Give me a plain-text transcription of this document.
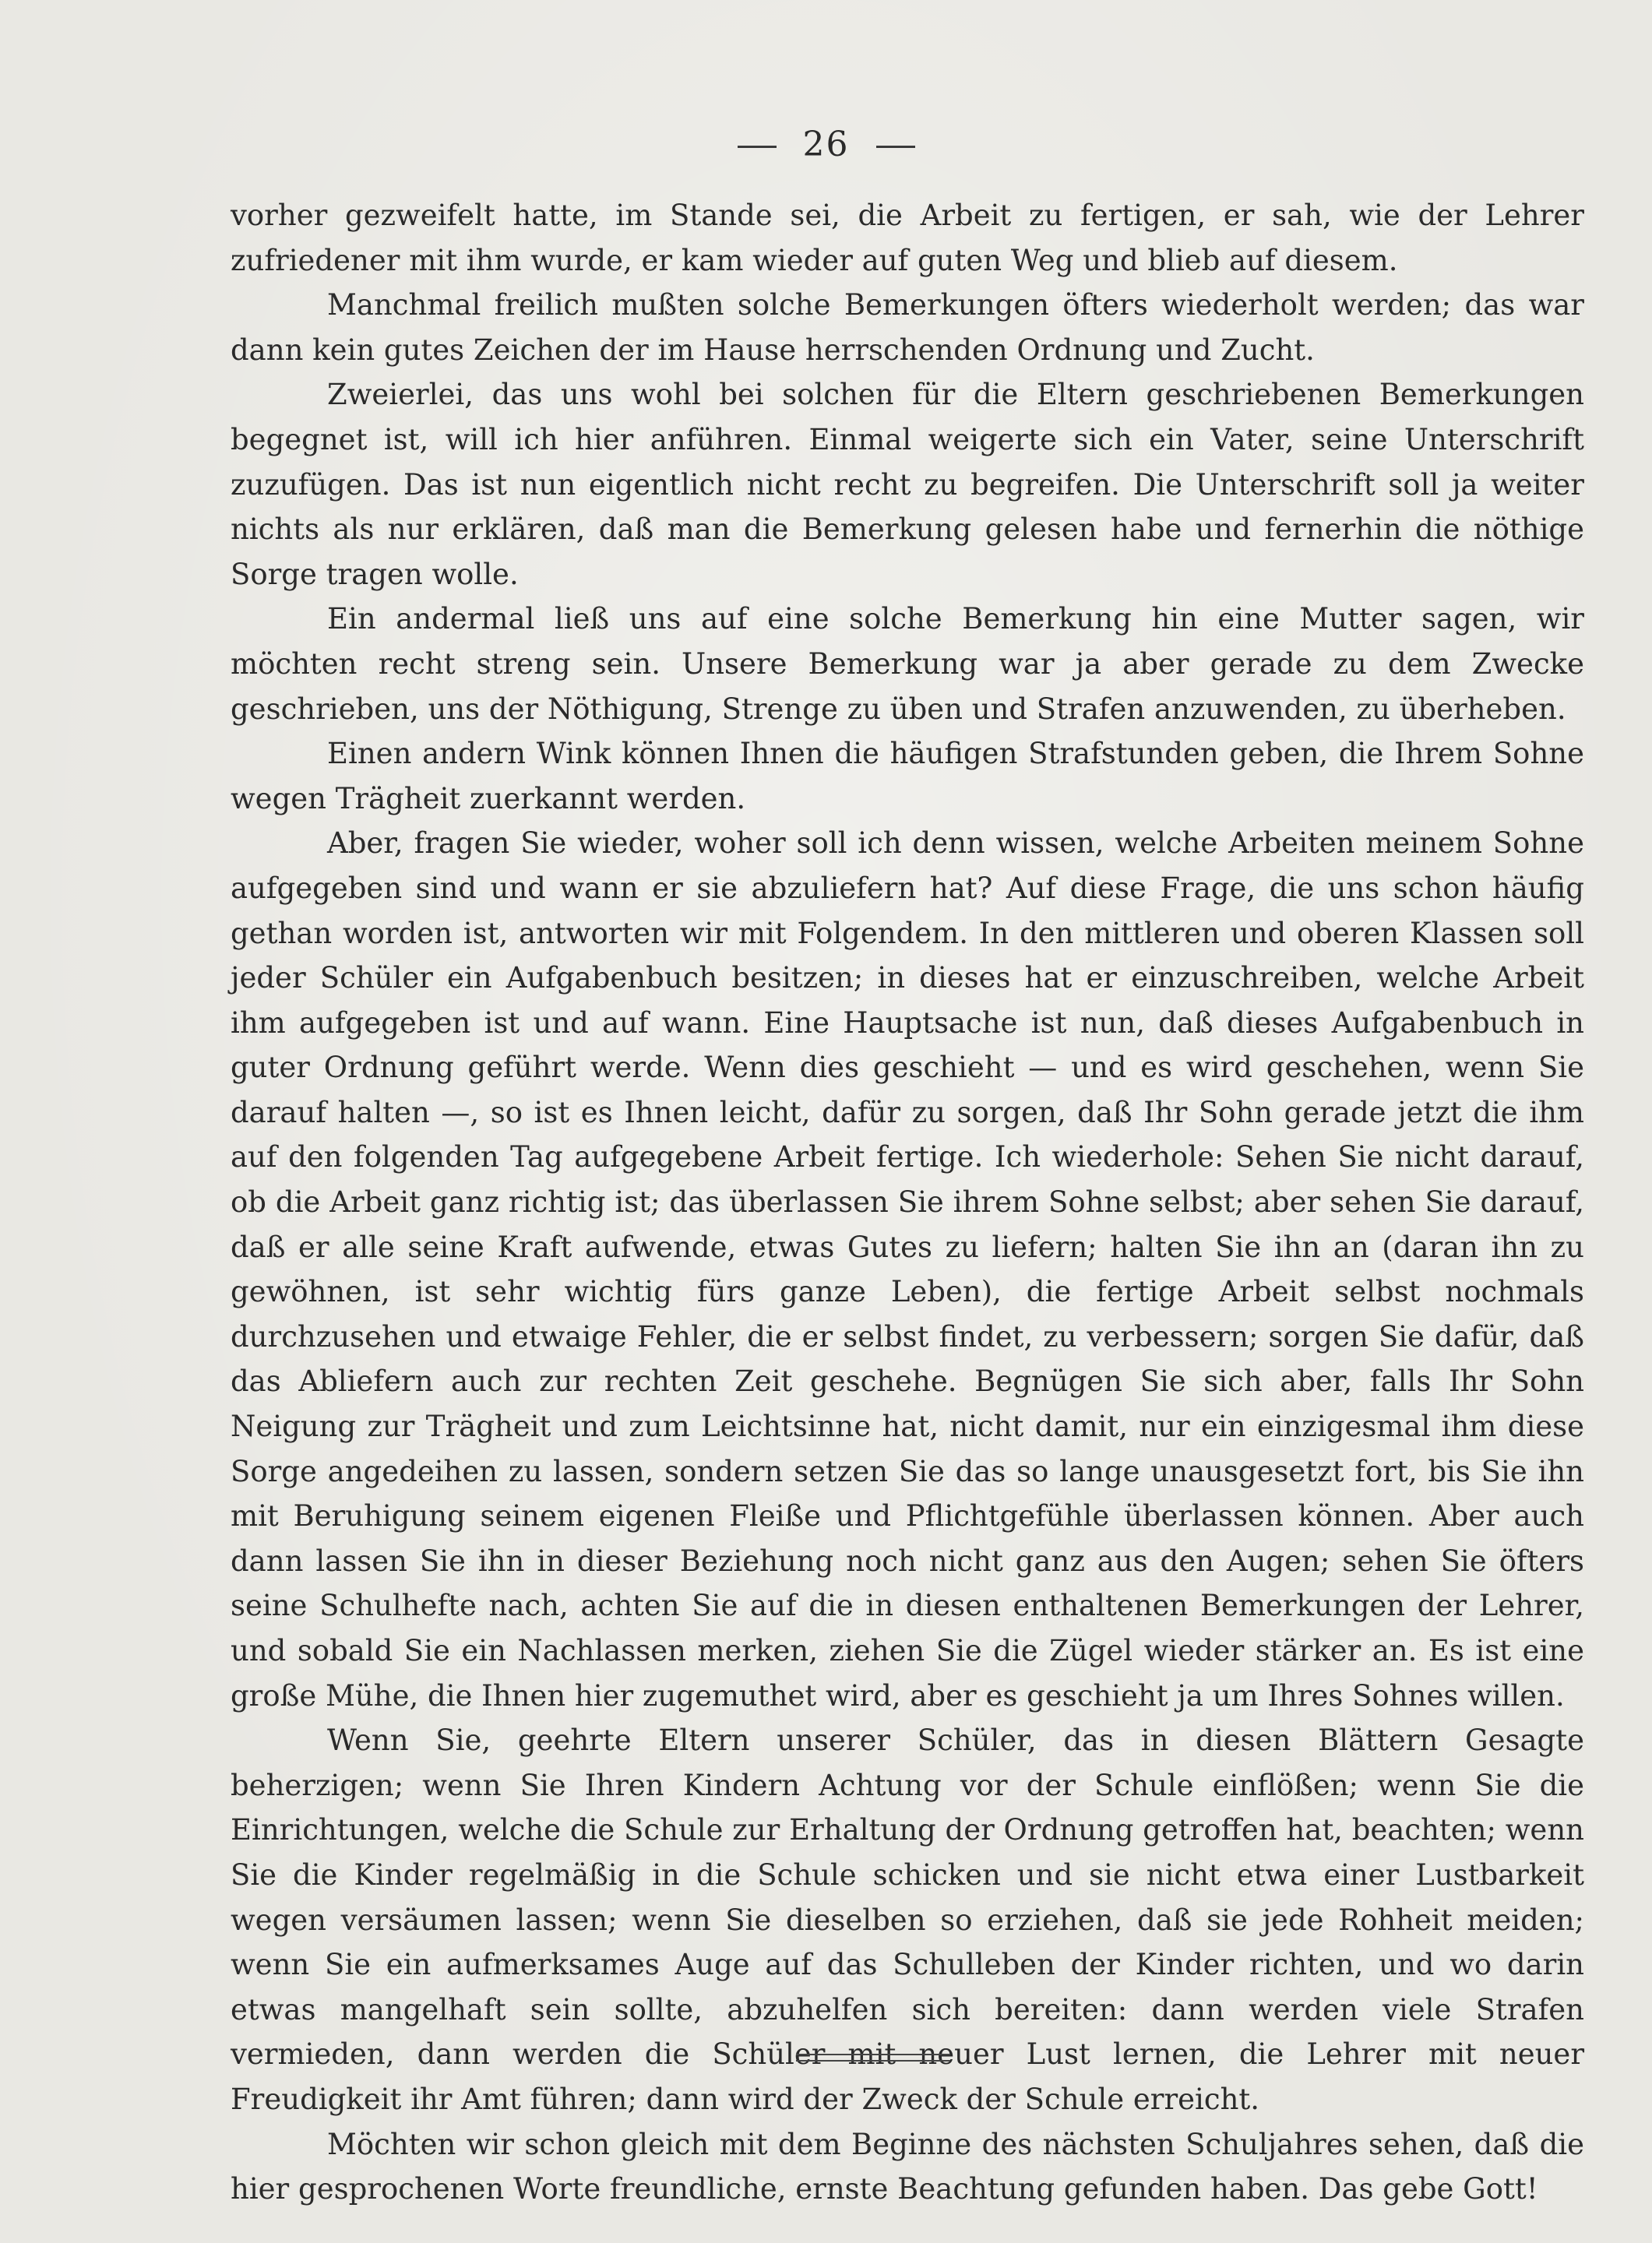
26

vorher gezweifelt hatte, im Stande sei, die Arbeit zu fertigen, er sah, wie der Lehrer zufriedener mit ihm wurde, er kam wieder auf guten Weg und blieb auf diesem.

Manchmal freilich mußten solche Bemerkungen öfters wiederholt werden; das war dann kein gutes Zeichen der im Hause herrschenden Ordnung und Zucht.

Zweierlei, das uns wohl bei solchen für die Eltern geschriebenen Bemerkungen begegnet ist, will ich hier anführen. Einmal weigerte sich ein Vater, seine Unterschrift zuzufügen. Das ist nun eigentlich nicht recht zu begreifen. Die Unterschrift soll ja weiter nichts als nur erklären, daß man die Bemerkung gelesen habe und fernerhin die nöthige Sorge tragen wolle.

Ein andermal ließ uns auf eine solche Bemerkung hin eine Mutter sagen, wir möchten recht streng sein. Unsere Bemerkung war ja aber gerade zu dem Zwecke geschrieben, uns der Nöthigung, Strenge zu üben und Strafen anzuwenden, zu überheben.

Einen andern Wink können Ihnen die häufigen Strafstunden geben, die Ihrem Sohne wegen Trägheit zuerkannt werden.

Aber, fragen Sie wieder, woher soll ich denn wissen, welche Arbeiten meinem Sohne aufgegeben sind und wann er sie abzuliefern hat? Auf diese Frage, die uns schon häufig gethan worden ist, antworten wir mit Folgendem. In den mittleren und oberen Klassen soll jeder Schüler ein Aufgabenbuch besitzen; in dieses hat er einzuschreiben, welche Arbeit ihm aufgegeben ist und auf wann. Eine Hauptsache ist nun, daß dieses Aufgabenbuch in guter Ordnung geführt werde. Wenn dies geschieht — und es wird geschehen, wenn Sie darauf halten —, so ist es Ihnen leicht, dafür zu sorgen, daß Ihr Sohn gerade jetzt die ihm auf den folgenden Tag aufgegebene Arbeit fertige. Ich wiederhole: Sehen Sie nicht darauf, ob die Arbeit ganz richtig ist; das überlassen Sie ihrem Sohne selbst; aber sehen Sie darauf, daß er alle seine Kraft aufwende, etwas Gutes zu liefern; halten Sie ihn an (daran ihn zu gewöhnen, ist sehr wichtig fürs ganze Leben), die fertige Arbeit selbst nochmals durchzusehen und etwaige Fehler, die er selbst findet, zu verbessern; sorgen Sie dafür, daß das Abliefern auch zur rechten Zeit geschehe. Begnügen Sie sich aber, falls Ihr Sohn Neigung zur Trägheit und zum Leichtsinne hat, nicht damit, nur ein einzigesmal ihm diese Sorge angedeihen zu lassen, sondern setzen Sie das so lange unausgesetzt fort, bis Sie ihn mit Beruhigung seinem eigenen Fleiße und Pflichtgefühle überlassen können. Aber auch dann lassen Sie ihn in dieser Beziehung noch nicht ganz aus den Augen; sehen Sie öfters seine Schulhefte nach, achten Sie auf die in diesen enthaltenen Bemerkungen der Lehrer, und sobald Sie ein Nachlassen merken, ziehen Sie die Zügel wieder stärker an. Es ist eine große Mühe, die Ihnen hier zugemuthet wird, aber es geschieht ja um Ihres Sohnes willen.

Wenn Sie, geehrte Eltern unserer Schüler, das in diesen Blättern Gesagte beherzigen; wenn Sie Ihren Kindern Achtung vor der Schule einflößen; wenn Sie die Einrichtungen, welche die Schule zur Erhaltung der Ordnung getroffen hat, beachten; wenn Sie die Kinder regelmäßig in die Schule schicken und sie nicht etwa einer Lustbarkeit wegen versäumen lassen; wenn Sie dieselben so erziehen, daß sie jede Rohheit meiden; wenn Sie ein aufmerksames Auge auf das Schulleben der Kinder richten, und wo darin etwas mangelhaft sein sollte, abzuhelfen sich bereiten: dann werden viele Strafen vermieden, dann werden die Schüler mit neuer Lust lernen, die Lehrer mit neuer Freudigkeit ihr Amt führen; dann wird der Zweck der Schule erreicht.

Möchten wir schon gleich mit dem Beginne des nächsten Schuljahres sehen, daß die hier gesprochenen Worte freundliche, ernste Beachtung gefunden haben. Das gebe Gott!
